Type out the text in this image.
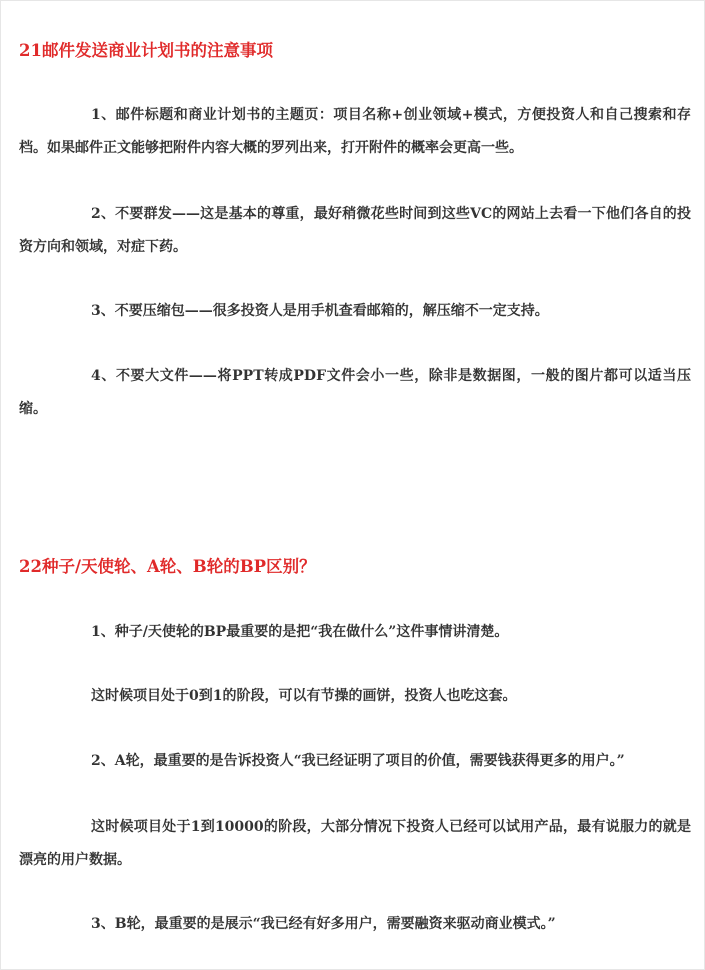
21邮件发送商业计划书的注意事项

1、邮件标题和商业计划书的主题页：项目名称+创业领域+模式，方便投资人和自己搜索和存档。如果邮件正文能够把附件内容大概的罗列出来，打开附件的概率会更高一些。

2、不要群发——这是基本的尊重，最好稍微花些时间到这些VC的网站上去看一下他们各自的投资方向和领域，对症下药。

3、不要压缩包——很多投资人是用手机查看邮箱的，解压缩不一定支持。

4、不要大文件——将PPT转成PDF文件会小一些，除非是数据图，一般的图片都可以适当压缩。

22种子/天使轮、A轮、B轮的BP区别？

1、种子/天使轮的BP最重要的是把“我在做什么”这件事情讲清楚。

这时候项目处于0到1的阶段，可以有节操的画饼，投资人也吃这套。

2、A轮，最重要的是告诉投资人“我已经证明了项目的价值，需要钱获得更多的用户。”

这时候项目处于1到10000的阶段，大部分情况下投资人已经可以试用产品，最有说服力的就是漂亮的用户数据。

3、B轮，最重要的是展示“我已经有好多用户，需要融资来驱动商业模式。”
